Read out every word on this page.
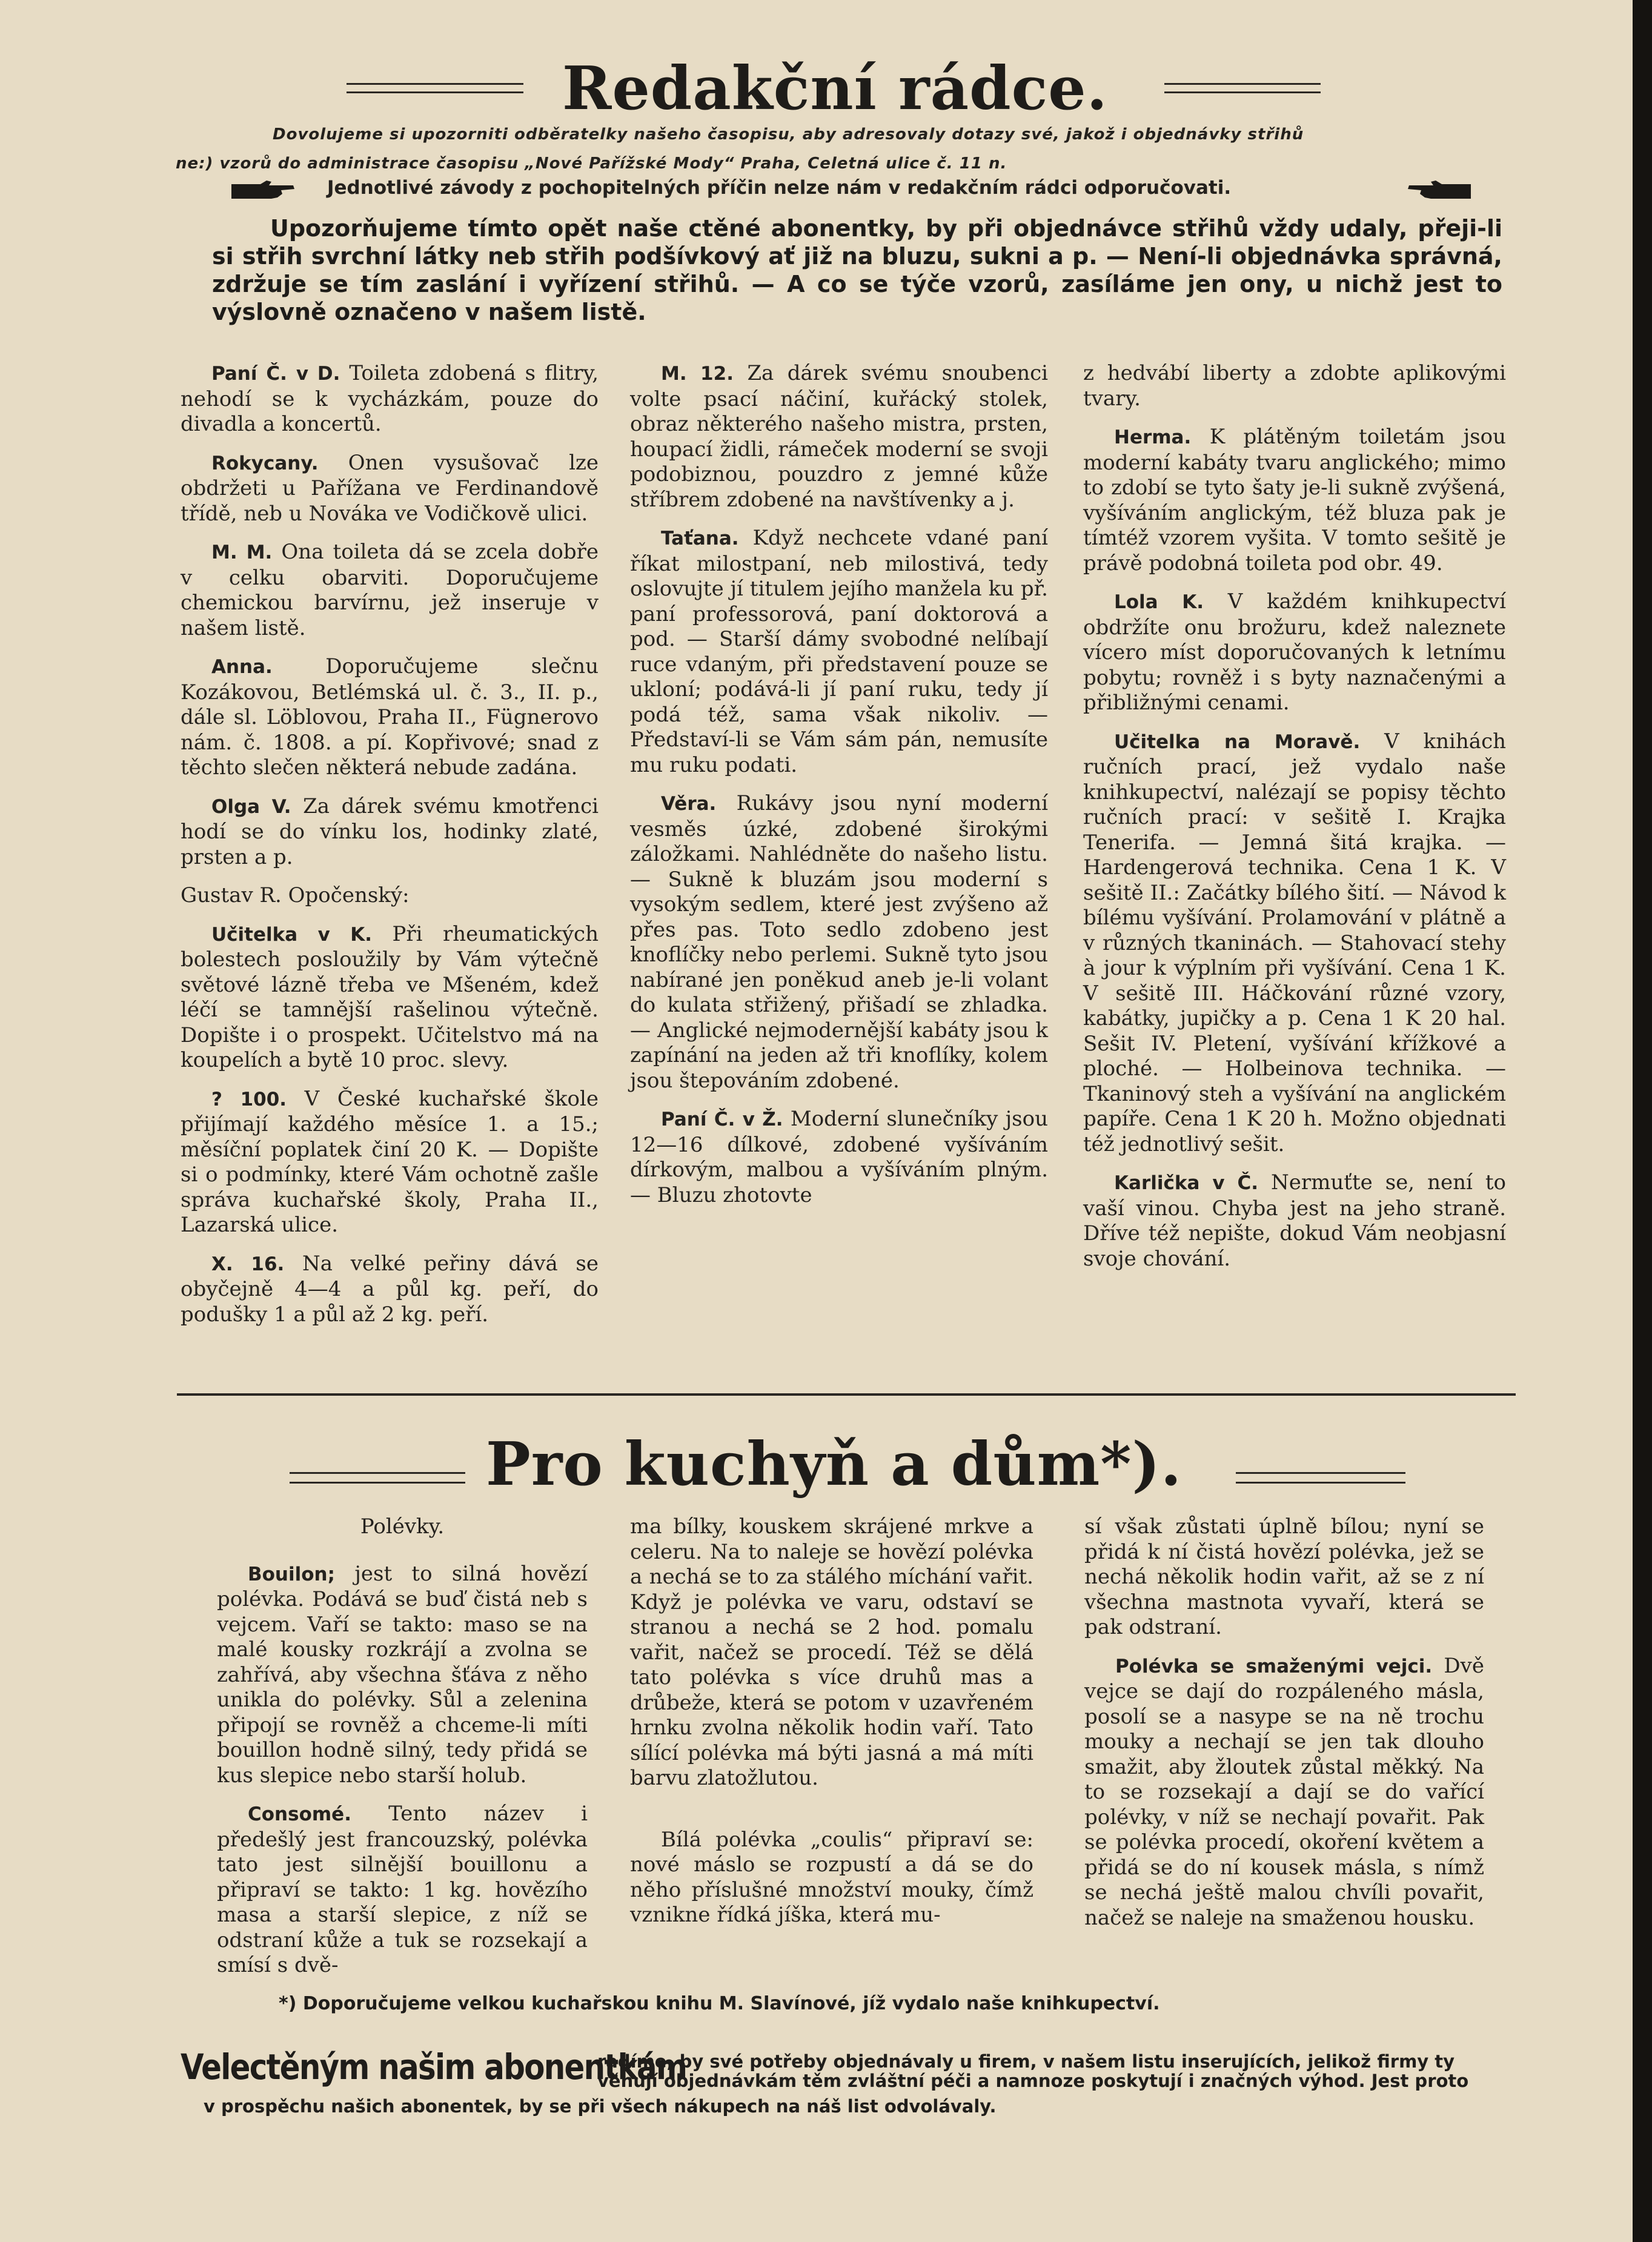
Redakční rádce.
Dovolujeme si upozorniti odběratelky našeho časopisu, aby adresovaly dotazy své, jakož i objednávky střihů
ne:) vzorů do administrace časopisu „Nové Pařížské Mody“ Praha, Celetná ulice č. 11 n.
Jednotlivé závody z pochopitelných příčin nelze nám v redakčním rádci odporučovati.
Upozorňujeme tímto opět naše ctěné abonentky, by při objednávce střihů vždy udaly, přeji-li si střih svrchní látky neb střih podšívkový ať již na bluzu, sukni a p. — Není-li objednávka správná, zdržuje se tím zaslání i vyřízení střihů. — A co se týče vzorů, zasíláme jen ony, u nichž jest to výslovně označeno v našem listě.

Paní Č. v D. Toileta zdobená s flitry, nehodí se k vycházkám, pouze do divadla a koncertů.

Rokycany. Onen vysušovač lze obdržeti u Pařížana ve Ferdinandově třídě, neb u Nováka ve Vodičkově ulici.

M. M. Ona toileta dá se zcela dobře v celku obarviti. Doporučujeme chemickou barvírnu, jež inseruje v našem listě.

Anna.	Doporučujeme slečnu Kozákovou, Betlémská ul. č. 3., II. p., dále sl. Löblovou, Praha II., Fügnerovo nám. č. 1808. a pí. Kopřivové; snad z těchto slečen některá nebude zadána.

Olga V. Za dárek svému kmotřenci hodí se do vínku los, hodinky zlaté, prsten a p.

Gustav R. Opočenský:

Učitelka v K. Při rheumatických bolestech posloužily by Vám výtečně světové lázně třeba ve Mšeném, kdež léčí se tamnější rašelinou výtečně. Dopište i o prospekt. Učitelstvo má na koupelích a bytě 10 proc. slevy.

? 100. V České kuchařské škole přijímají každého měsíce 1. a 15.; měsíční poplatek činí 20 K. — Dopište si o podmínky, které Vám ochotně zašle správa kuchařské školy, Praha II., Lazarská ulice.

X. 16. Na velké peřiny dává se obyčejně 4—4 a půl kg. peří, do podušky 1 a půl až 2 kg. peří.

M. 12. Za dárek svému snoubenci volte psací náčiní, kuřácký stolek, obraz některého našeho mistra, prsten, houpací židli, rámeček moderní se svoji podobiznou, pouzdro z jemné kůže stříbrem zdobené na navštívenky a j.

Taťana. Když nechcete vdané paní říkat milostpaní, neb milostivá, tedy oslovujte jí titulem jejího manžela ku př. paní professorová, paní doktorová a pod. — Starší dámy svobodné nelíbají ruce vdaným, při představení pouze se ukloní; podává-li jí paní ruku, tedy jí podá též, sama však nikoliv. — Představí-li se Vám sám pán, nemusíte mu ruku podati.

Věra. Rukávy jsou nyní moderní vesměs úzké, zdobené širokými záložkami. Nahlédněte do našeho listu. — Sukně k bluzám jsou moderní s vysokým sedlem, které jest zvýšeno až přes pas. Toto sedlo zdobeno jest knoflíčky nebo perlemi. Sukně tyto jsou nabírané jen poněkud aneb je-li volant do kulata střižený, přišadí se zhladka. — Anglické nejmodernější kabáty jsou k zapínání na jeden až tři knoflíky, kolem jsou štepováním zdobené.

Paní Č. v Ž. Moderní slunečníky jsou 12—16 dílkové, zdobené vyšíváním dírkovým, malbou a vyšíváním plným. — Bluzu zhotovte

z hedvábí liberty a zdobte aplikovými tvary.

Herma. K plátěným toiletám jsou moderní kabáty tvaru anglického; mimo to zdobí se tyto šaty je-li sukně zvýšená, vyšíváním anglickým, též bluza pak je tímtéž vzorem vyšita. V tomto sešitě je právě podobná toileta pod obr. 49.

Lola K. V každém knihkupectví obdržíte onu brožuru, kdež naleznete vícero míst doporučovaných k letnímu pobytu; rovněž i s byty naznačenými a přibližnými cenami.

Učitelka na Moravě. V knihách ručních prací, jež vydalo naše knihkupectví, nalézají se popisy těchto ručních prací: v sešitě I. Krajka Tenerifa. — Jemná šitá krajka. — Hardengerová technika. Cena 1 K. V sešitě II.: Začátky bílého šití. — Návod k bílému vyšívání. Prolamování v plátně a v různých tkaninách. — Stahovací stehy à jour k výplním při vyšívání. Cena 1 K. V sešitě III. Háčkování různé vzory, kabátky, jupičky a p. Cena 1 K 20 hal. Sešit IV. Pletení, vyšívání křížkové a ploché. — Holbeinova technika. — Tkaninový steh a vyšívání na anglickém papíře. Cena 1 K 20 h. Možno objednati též jednotlivý sešit.

Karlička v Č. Nermuťte se, není to vaší vinou. Chyba jest na jeho straně. Dříve též nepište, dokud Vám neobjasní svoje chování.

Pro kuchyň a dům*).

Polévky.

Bouilon; jest to silná hovězí polévka. Podává se buď čistá neb s vejcem. Vaří se takto: maso se na malé kousky rozkrájí a zvolna se zahřívá, aby všechna šťáva z něho unikla do polévky. Sůl a zelenina připojí se rovněž a chceme-li míti bouillon hodně silný, tedy přidá se kus slepice nebo starší holub.

Consomé. Tento název i předešlý jest francouzský, polévka tato jest silnější bouillonu a připraví se takto: 1 kg. hovězího masa a starší slepice, z níž se odstraní kůže a tuk se rozsekají a smísí s dvě-

ma bílky, kouskem skrájené mrkve a celeru. Na to naleje se hovězí polévka a nechá se to za stálého míchání vařit. Když je polévka ve varu, odstaví se stranou a nechá se 2 hod. pomalu vařit, načež se procedí. Též se dělá tato polévka s více druhů mas a drůbeže, která se potom v uzavřeném hrnku zvolna několik hodin vaří. Tato sílící polévka má býti jasná a má míti barvu zlatožlutou.

Bílá polévka „coulis“ připraví se: nové máslo se rozpustí a dá se do něho příslušné množství mouky, čímž vznikne řídká jíška, která mu-

sí však zůstati úplně bílou; nyní se přidá k ní čistá hovězí polévka, jež se nechá několik hodin vařit, až se z ní všechna mastnota vyvaří, která se pak odstraní.

Polévka se smaženými vejci. Dvě vejce se dají do rozpáleného másla, posolí se a nasype se na ně trochu mouky a nechají se jen tak dlouho smažit, aby žloutek zůstal měkký. Na to se rozsekají a dají se do vařící polévky, v níž se nechají povařit. Pak se polévka procedí, okoření květem a přidá se do ní kousek másla, s nímž se nechá ještě malou chvíli povařit, načež se naleje na smaženou housku.

*) Doporučujeme velkou kuchařskou knihu M. Slavínové, jíž vydalo naše knihkupectví.
Velectěným našim abonentkám
radíme, by své potřeby objednávaly u firem, v našem listu inserujících, jelikož firmy ty
věnují objednávkám těm zvláštní péči a namnoze poskytují i značných výhod. Jest proto
v prospěchu našich abonentek, by se při všech nákupech na náš list odvolávaly.
